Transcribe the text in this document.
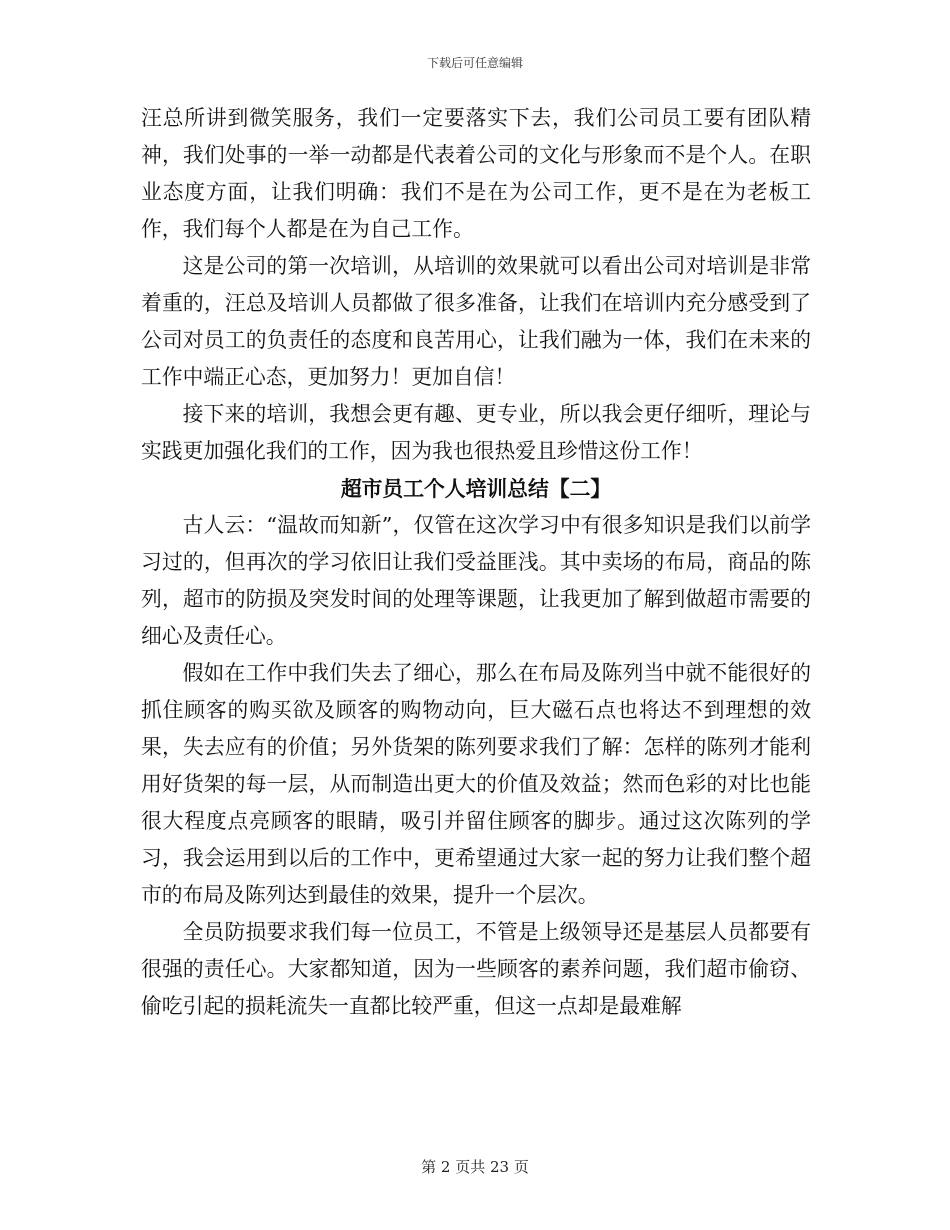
下载后可任意编辑

汪总所讲到微笑服务，我们一定要落实下去，我们公司员工要有团队精神，我们处事的一举一动都是代表着公司的文化与形象而不是个人。在职业态度方面，让我们明确：我们不是在为公司工作，更不是在为老板工作，我们每个人都是在为自己工作。

这是公司的第一次培训，从培训的效果就可以看出公司对培训是非常着重的，汪总及培训人员都做了很多准备，让我们在培训内充分感受到了公司对员工的负责任的态度和良苦用心，让我们融为一体，我们在未来的工作中端正心态，更加努力！更加自信！

接下来的培训，我想会更有趣、更专业，所以我会更仔细听，理论与实践更加强化我们的工作，因为我也很热爱且珍惜这份工作！

超市员工个人培训总结【二】

古人云：“温故而知新”，仅管在这次学习中有很多知识是我们以前学习过的，但再次的学习依旧让我们受益匪浅。其中卖场的布局，商品的陈列，超市的防损及突发时间的处理等课题，让我更加了解到做超市需要的细心及责任心。

假如在工作中我们失去了细心，那么在布局及陈列当中就不能很好的抓住顾客的购买欲及顾客的购物动向，巨大磁石点也将达不到理想的效果，失去应有的价值；另外货架的陈列要求我们了解：怎样的陈列才能利用好货架的每一层，从而制造出更大的价值及效益；然而色彩的对比也能很大程度点亮顾客的眼睛，吸引并留住顾客的脚步。通过这次陈列的学习，我会运用到以后的工作中，更希望通过大家一起的努力让我们整个超市的布局及陈列达到最佳的效果，提升一个层次。

全员防损要求我们每一位员工，不管是上级领导还是基层人员都要有很强的责任心。大家都知道，因为一些顾客的素养问题，我们超市偷窃、偷吃引起的损耗流失一直都比较严重，但这一点却是最难解

第 2 页共 23 页
